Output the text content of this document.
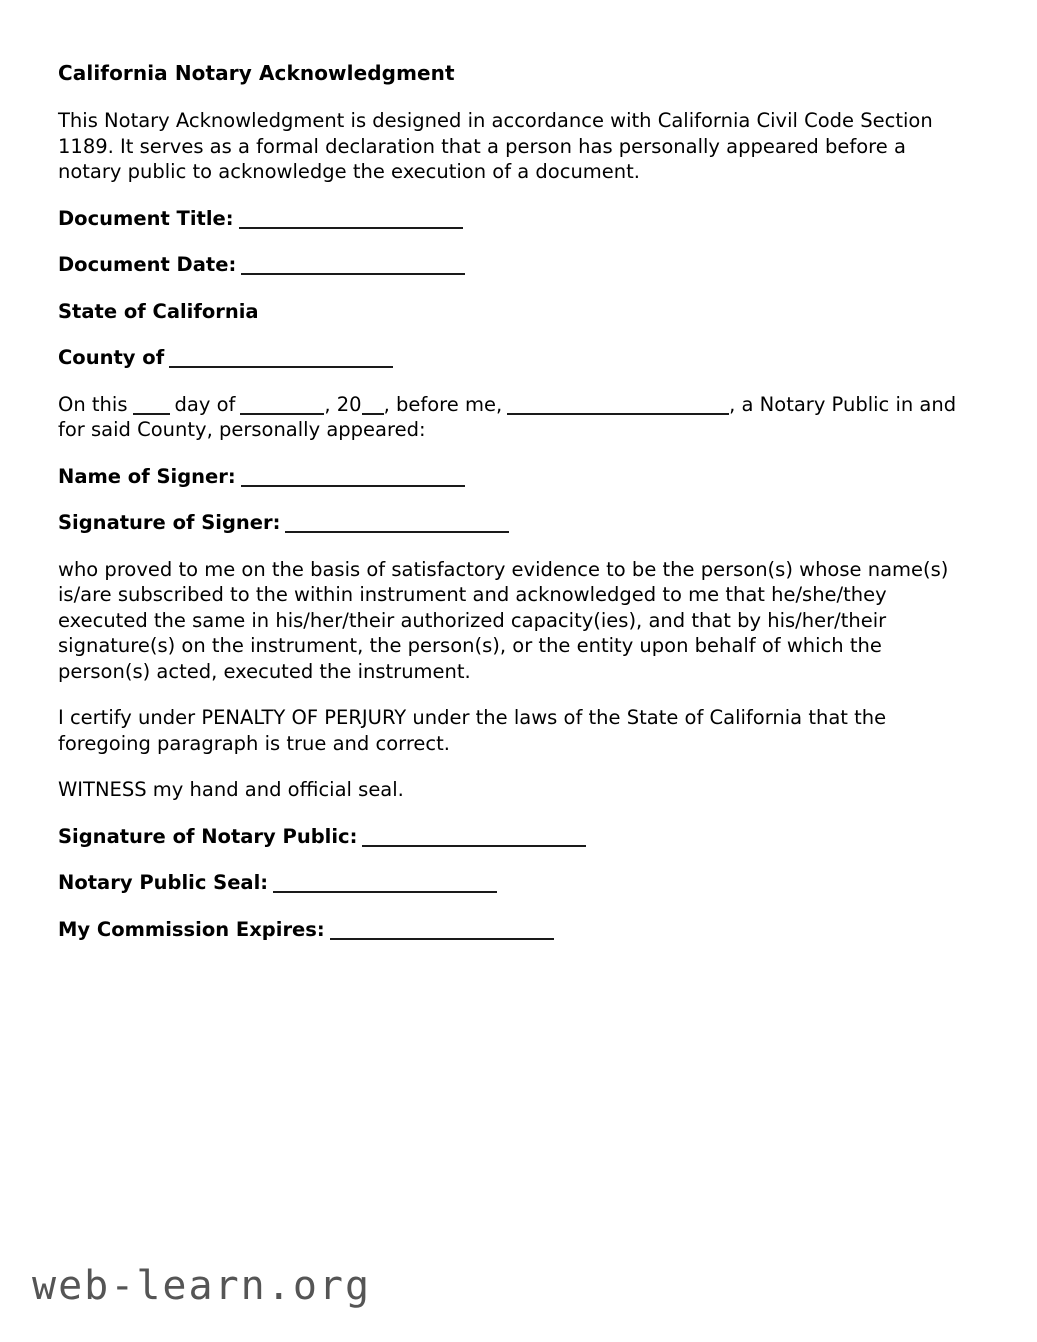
California Notary Acknowledgment

This Notary Acknowledgment is designed in accordance with California Civil Code Section 1189. It serves as a formal declaration that a person has personally appeared before a notary public to acknowledge the execution of a document.

Document Title:

Document Date:

State of California

County of

On this day of	, 20 , before me,	, a Notary Public in and for said County, personally appeared:

Name of Signer:

Signature of Signer:

who proved to me on the basis of satisfactory evidence to be the person(s) whose name(s) is/are subscribed to the within instrument and acknowledged to me that he/she/they executed the same in his/her/their authorized capacity(ies), and that by his/her/their signature(s) on the instrument, the person(s), or the entity upon behalf of which the person(s) acted, executed the instrument.

I certify under PENALTY OF PERJURY under the laws of the State of California that the foregoing paragraph is true and correct.

WITNESS my hand and official seal.

Signature of Notary Public:

Notary Public Seal:

My Commission Expires:

web-learn.org
